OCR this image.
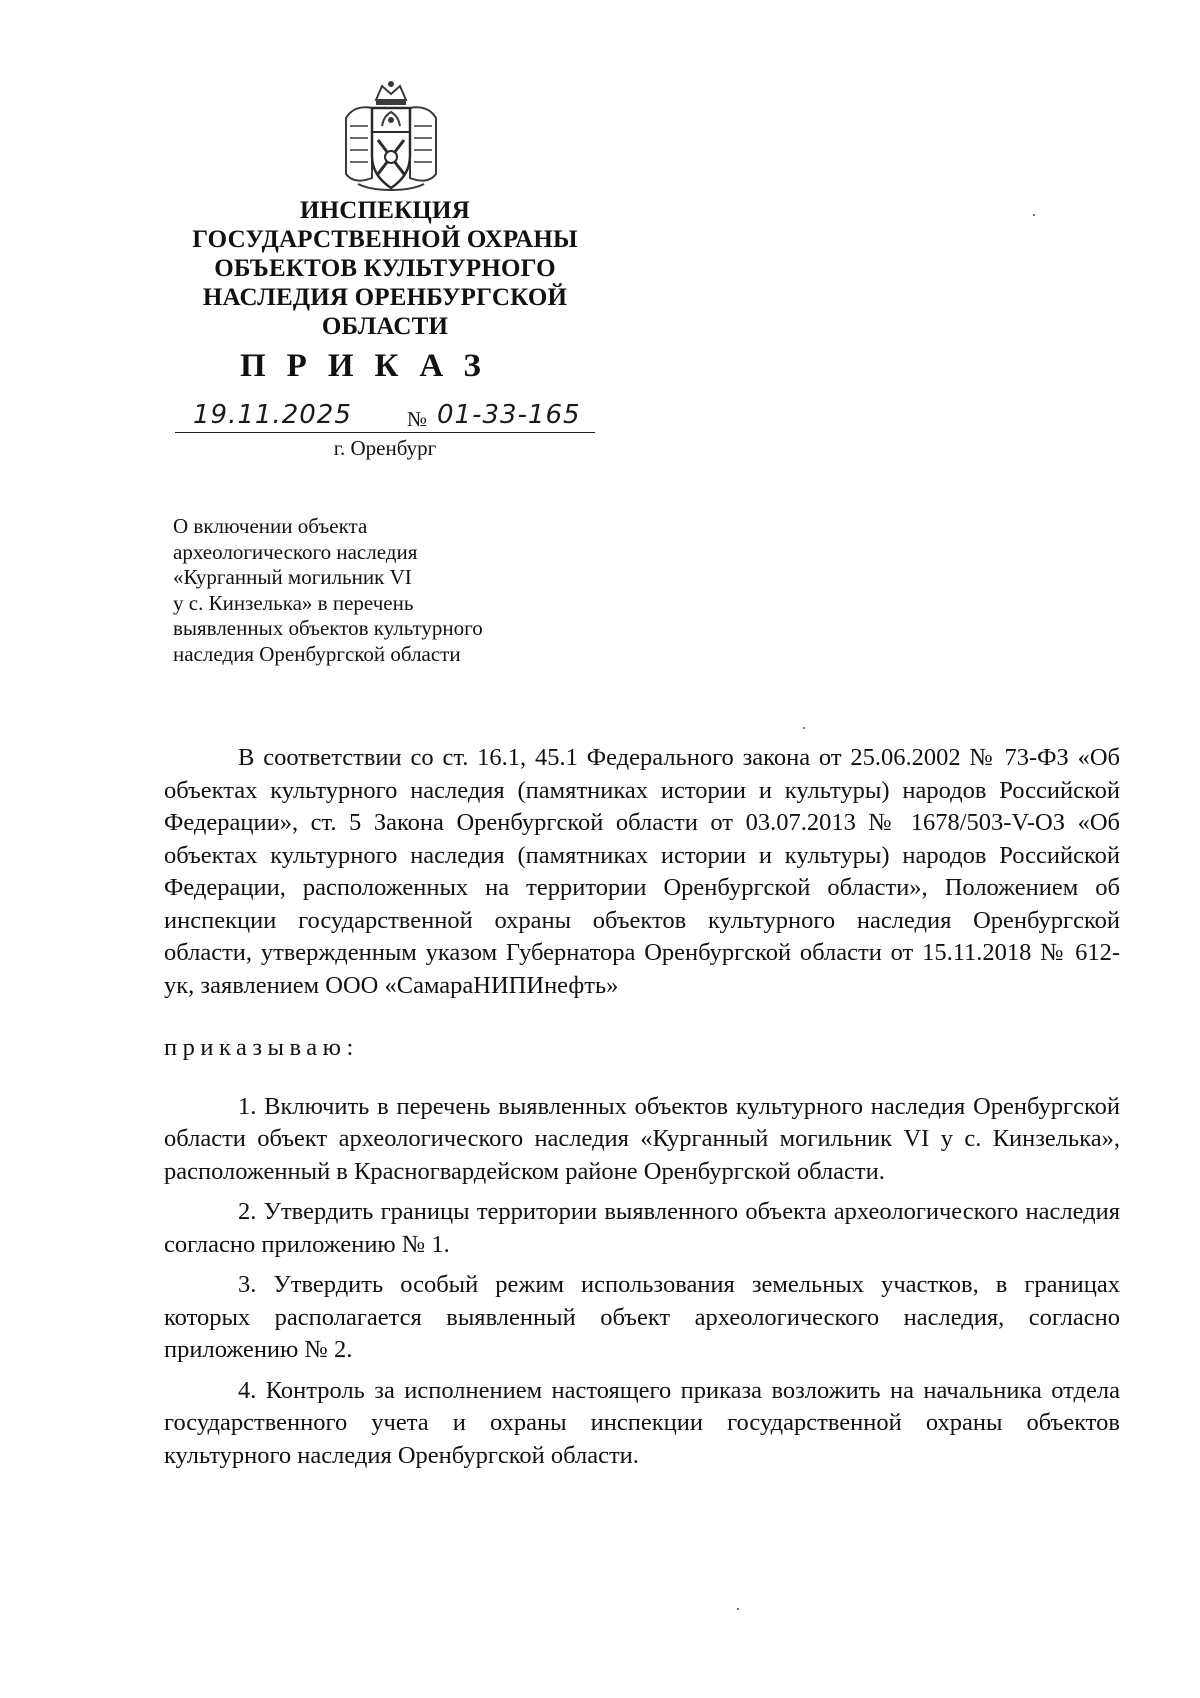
ИНСПЕКЦИЯ
ГОСУДАРСТВЕННОЙ ОХРАНЫ
ОБЪЕКТОВ КУЛЬТУРНОГО
НАСЛЕДИЯ ОРЕНБУРГСКОЙ
ОБЛАСТИ
ПРИКАЗ
19.11.2025	№ 01-33-165
г. Оренбург
О включении объекта
археологического наследия
«Курганный могильник VI
у с. Кинзелька» в перечень
выявленных объектов культурного
наследия Оренбургской области

В соответствии со ст. 16.1, 45.1 Федерального закона от 25.06.2002 № 73-ФЗ «Об объектах культурного наследия (памятниках истории и культуры) народов Российской Федерации», ст. 5 Закона Оренбургской области от 03.07.2013 № 1678/503-V-ОЗ «Об объектах культурного наследия (памятниках истории и культуры) народов Российской Федерации, расположенных на территории Оренбургской области», Положением об инспекции государственной охраны объектов культурного наследия Оренбургской области, утвержденным указом Губернатора Оренбургской области от 15.11.2018 № 612-ук, заявлением ООО «СамараНИПИнефть»

приказываю:

1. Включить в перечень выявленных объектов культурного наследия Оренбургской области объект археологического наследия «Курганный могильник VI у с. Кинзелька», расположенный в Красногвардейском районе Оренбургской области.

2. Утвердить границы территории выявленного объекта археологического наследия согласно приложению № 1.

3. Утвердить особый режим использования земельных участков, в границах которых располагается выявленный объект археологического наследия, согласно приложению № 2.

4. Контроль за исполнением настоящего приказа возложить на начальника отдела государственного учета и охраны инспекции государственной охраны объектов культурного наследия Оренбургской области.
